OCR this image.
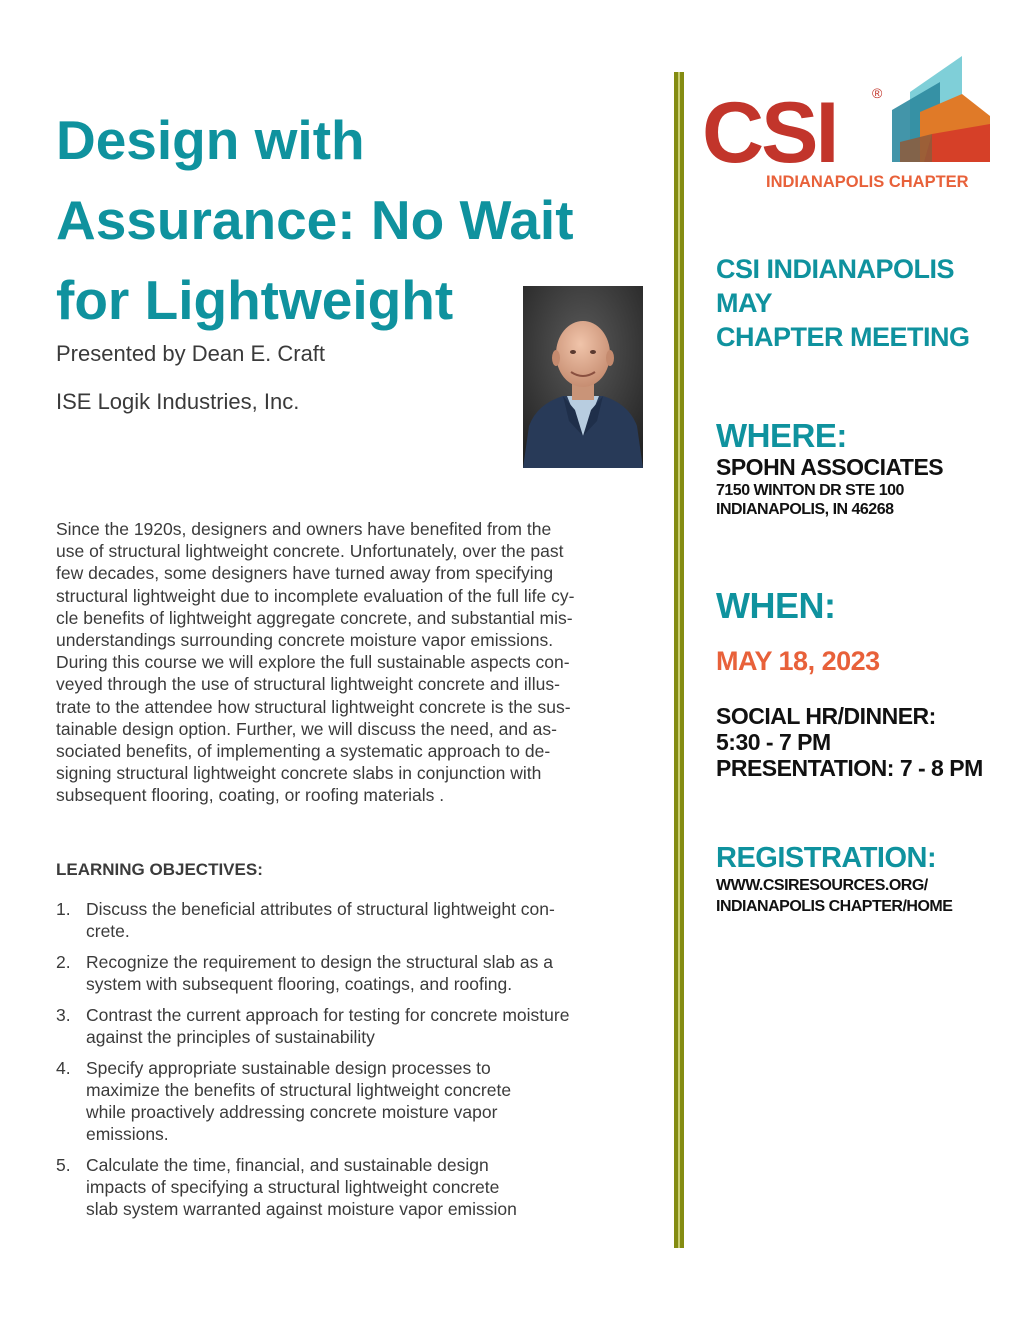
Design with
Assurance: No Wait
for Lightweight
Presented by Dean E. Craft
ISE Logik Industries, Inc.

Since the 1920s, designers and owners have benefited from the
use of structural lightweight concrete. Unfortunately, over the past
few decades, some designers have turned away from specifying
structural lightweight due to incomplete evaluation of the full life cy-
cle benefits of lightweight aggregate concrete, and substantial mis-
understandings surrounding concrete moisture vapor emissions.
During this course we will explore the full sustainable aspects con-
veyed through the use of structural lightweight concrete and illus-
trate to the attendee how structural lightweight concrete is the sus-
tainable design option. Further, we will discuss the need, and as-
sociated benefits, of implementing a systematic approach to de-
signing structural lightweight concrete slabs in conjunction with
subsequent flooring, coating, or roofing materials .

LEARNING OBJECTIVES:
1. Discuss the beneficial attributes of structural lightweight con-
crete.
2. Recognize the requirement to design the structural slab as a
system with subsequent flooring, coatings, and roofing.
3. Contrast the current approach for testing for concrete moisture
against the principles of sustainability
4. Specify appropriate sustainable design processes to
maximize the benefits of structural lightweight concrete
while proactively addressing concrete moisture vapor
emissions.
5. Calculate the time, financial, and sustainable design
impacts of specifying a structural lightweight concrete
slab system warranted against moisture vapor emission
CSI	®
INDIANAPOLIS CHAPTER
CSI INDIANAPOLIS
MAY
CHAPTER MEETING
WHERE:
SPOHN ASSOCIATES
7150 WINTON DR STE 100
INDIANAPOLIS, IN 46268
WHEN:
MAY 18, 2023
SOCIAL HR/DINNER:
5:30 - 7 PM
PRESENTATION: 7 - 8 PM
REGISTRATION:
WWW.CSIRESOURCES.ORG/
INDIANAPOLIS CHAPTER/HOME
